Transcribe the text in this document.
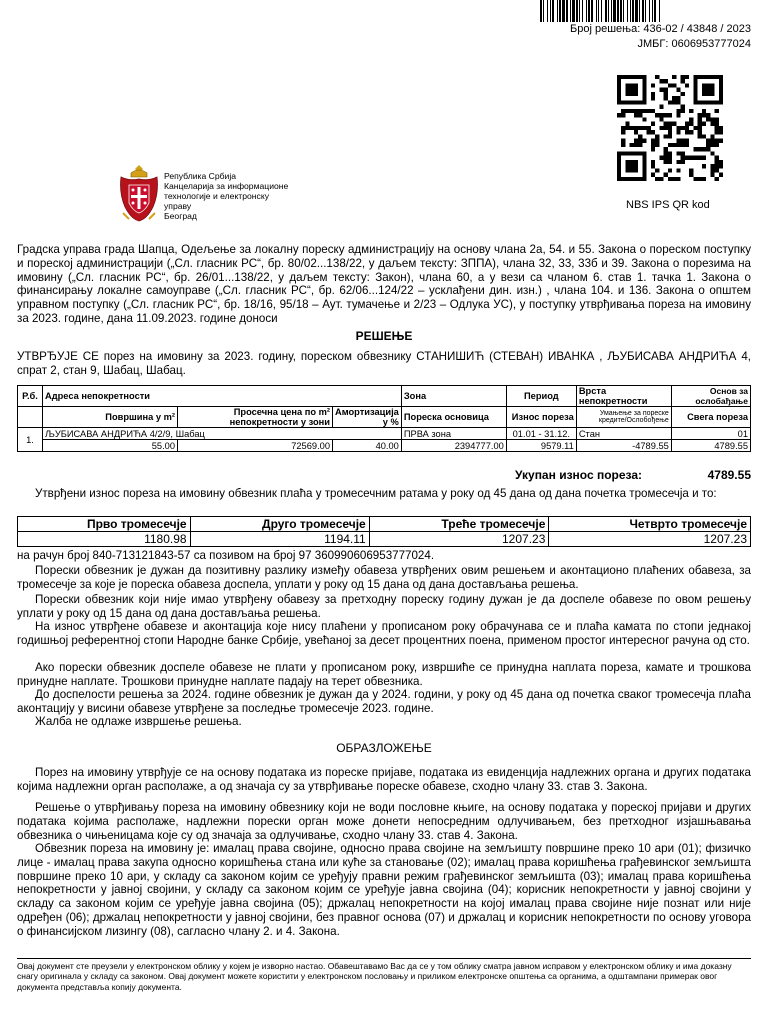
Број решења: 436-02 / 43848 / 2023
ЈМБГ: 0606953777024
NBS IPS QR kod
Република Србија
Канцеларија за информационе
технологије и електронску
управу
Београд
Градска управа града Шапца, Одељење за локалну пореску администрацију на основу члана 2а, 54. и 55. Закона о пореском поступку и пореској администрацији („Сл. гласник РС“, бр. 80/02...138/22, у даљем тексту: ЗППА), члана 32, 33, 33б и 39. Закона о порезима на имовину („Сл. гласник РС“, бр. 26/01...138/22, у даљем тексту: Закон), члана 60, а у вези са чланом 6. став 1. тачка 1. Закона о финансирању локалне самоуправе („Сл. гласник РС“, бр. 62/06...124/22 – усклађени дин. изн.) , члана 104. и 136. Закона о општем управном поступку („Сл. гласник РС“, бр. 18/16, 95/18 – Аут. тумачење и 2/23 – Одлука УС), у поступку утврђивања пореза на имовину за 2023. године, дана 11.09.2023. године доноси
РЕШЕЊЕ
УТВРЂУЈЕ СЕ порез на имовину за 2023. годину, пореском обвезнику СТАНИШИЋ (СТЕВАН) ИВАНКА , ЉУБИСАВА АНДРИЋА 4, спрат 2, стан 9, Шабац, Шабац.
Р.б.	Адреса непокретности			Зона	Период	Врста непокретности	Основ за ослобађање
	Површина у m²	Просечна цена по m² непокретности у зони	Амортизација у %	Пореска основица	Износ пореза	Умањење за пореске кредите/Ослобођење	Свега пореза
1.	ЉУБИСАВА АНДРИЋА 4/2/9, Шабац			ПРВА зона	01.01 - 31.12.	Стан	01
	55.00	72569.00	40.00	2394777.00	9579.11	-4789.55	4789.55
Укупан износ пореза:	4789.55
Утврђени износ пореза на имовину обвезник плаћа у тромесечним ратама у року од 45 дана од дана почетка тромесечја и то:
Прво тромесечје	Друго тромесечје	Треће тромесечје	Четврто тромесечје
1180.98	1194.11	1207.23	1207.23
на рачун број 840-713121843-57 са позивом на број 97 360990606953777024.
Порески обвезник је дужан да позитивну разлику између обавеза утврђених овим решењем и аконтационо плаћених обавеза, за тромесечје за које је пореска обавеза доспела, уплати у року од 15 дана од дана достављања решења.
Порески обвезник који није имао утврђену обавезу за претходну пореску годину дужан је да доспеле обавезе по овом решењу уплати у року од 15 дана од дана достављања решења.
На износ утврђене обавезе и аконтација које нису плаћени у прописаном року обрачунава се и плаћа камата по стопи једнакој годишњој референтној стопи Народне банке Србије, увећаној за десет процентних поена, применом простог интересног рачуна од сто.
Ако порески обвезник доспеле обавезе не плати у прописаном року, извршиће се принудна наплата пореза, камате и трошкова принудне наплате. Трошкови принудне наплате падају на терет обвезника.
До доспелости решења за 2024. године обвезник је дужан да у 2024. години, у року од 45 дана од почетка сваког тромесечја плаћа аконтацију у висини обавезе утврђене за последње тромесечје 2023. године.
Жалба не одлаже извршење решења.
ОБРАЗЛОЖЕЊЕ
Порез на имовину утврђује се на основу података из пореске пријаве, података из евиденција надлежних органа и других података којима надлежни орган располаже, а од значаја су за утврђивање пореске обавезе, сходно члану 33. став 3. Закона.
Решење о утврђивању пореза на имовину обвезнику који не води пословне књиге, на основу података у пореској пријави и других података којима располаже, надлежни порески орган може донети непосредним одлучивањем, без претходног изјашњавања обвезника о чињеницама које су од значаја за одлучивање, сходно члану 33. став 4. Закона.
Обвезник пореза на имовину је: ималац права својине, односно права својине на земљишту површине преко 10 ари (01); физичко лице - ималац права закупа односно коришћења стана или куће за становање (02); ималац права коришћења грађевинског земљишта површине преко 10 ари, у складу са законом којим се уређују правни режим грађевинског земљишта (03); ималац права коришћења непокретности у јавној својини, у складу са законом којим се уређује јавна својина (04); корисник непокретности у јавној својини у складу са законом којим се уређује јавна својина (05); држалац непокретности на којој ималац права својине није познат или није одређен (06); држалац непокретности у јавној својини, без правног основа (07) и држалац и корисник непокретности по основу уговора о финансијском лизингу (08), сагласно члану 2. и 4. Закона.
Овај документ сте преузели у електронском облику у којем је изворно настао. Обавештавамо Вас да се у том облику сматра јавном исправом у електронском облику и има доказну снагу оригинала у складу са законом. Овај документ можете користити у електронском пословању и приликом електронске општења са органима, а одштампани примерак овог документа представља копију документа.
